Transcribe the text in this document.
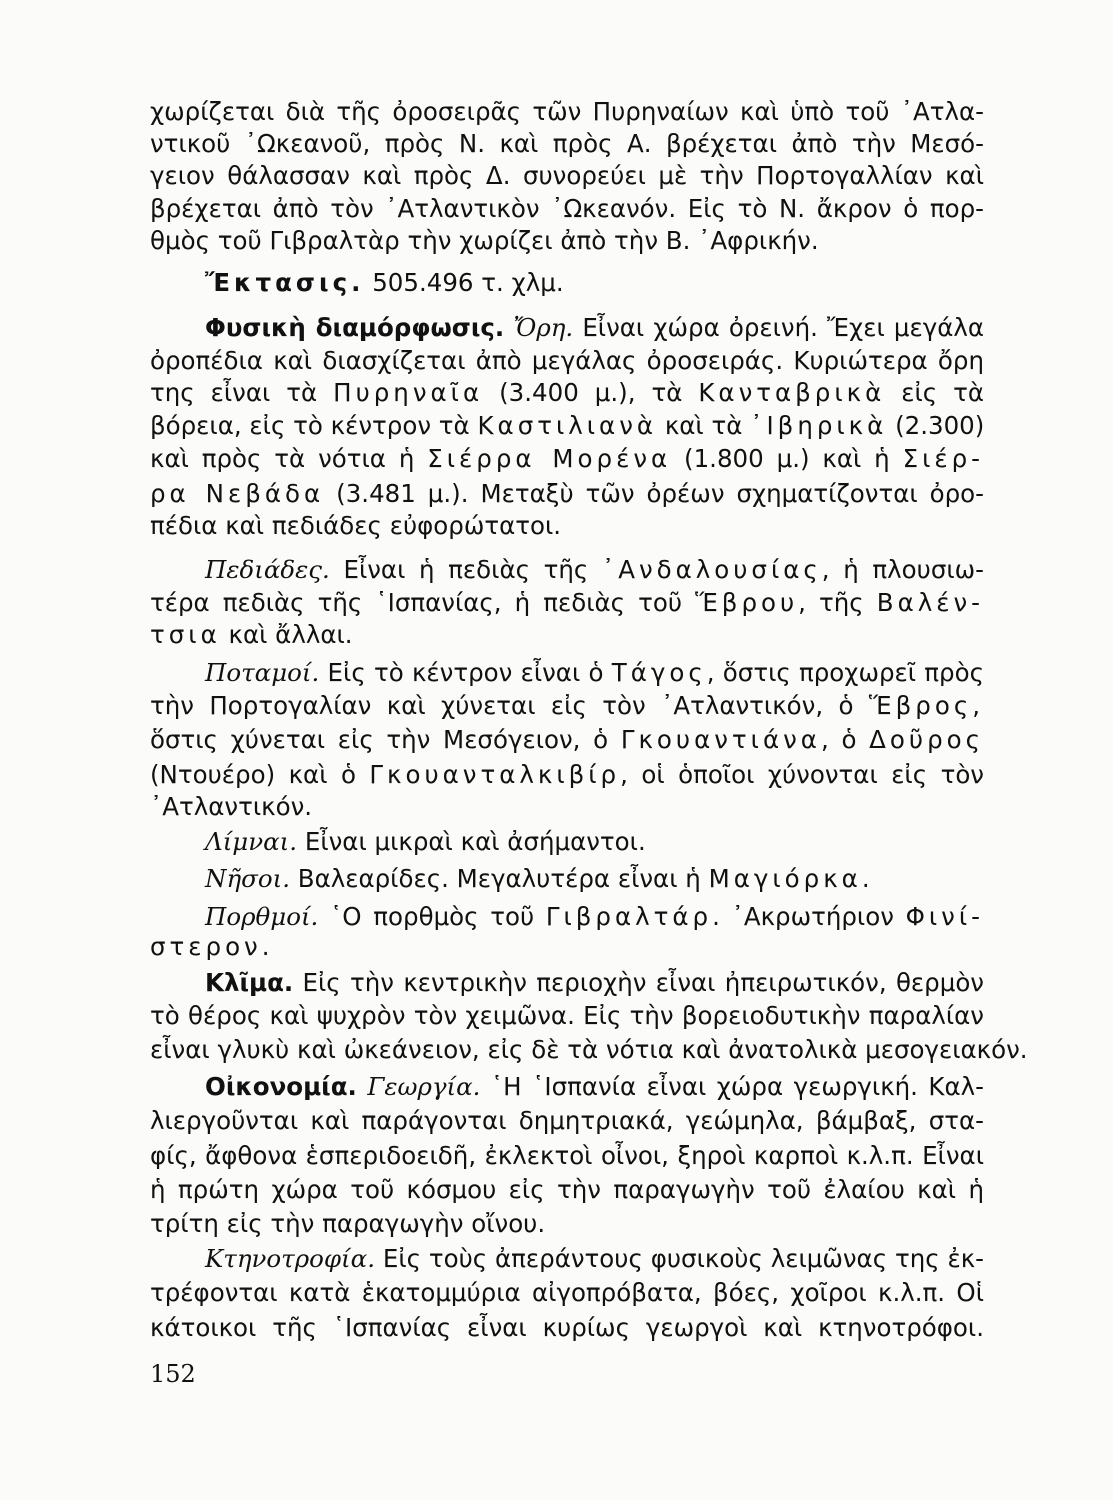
χωρίζεται διὰ τῆς ὀροσειρᾶς τῶν Πυρηναίων καὶ ὑπὸ τοῦ ᾿Ατλα-
ντικοῦ ᾿Ωκεανοῦ, πρὸς Ν. καὶ πρὸς Α. βρέχεται ἀπὸ τὴν Μεσό-
γειον θάλασσαν καὶ πρὸς Δ. συνορεύει μὲ τὴν Πορτογαλλίαν καὶ
βρέχεται ἀπὸ τὸν ᾿Ατλαντικὸν ᾿Ωκεανόν. Εἰς τὸ Ν. ἄκρον ὁ πορ-
θμὸς τοῦ Γιβραλτὰρ τὴν χωρίζει ἀπὸ τὴν Β. ᾿Αφρικήν.
Ἔκτασις. 505.496 τ. χλμ.
Φυσικὴ διαμόρφωσις. Ὄρη. Εἶναι χώρα ὀρεινή. Ἔχει μεγάλα
ὀροπέδια καὶ διασχίζεται ἀπὸ μεγάλας ὀροσειράς. Κυριώτερα ὄρη
της εἶναι τὰ Πυρηναῖα (3.400 μ.), τὰ Κανταβρικὰ εἰς τὰ
βόρεια, εἰς τὸ κέντρον τὰ Καστιλιανὰ καὶ τὰ ᾿Ιβηρικὰ (2.300)
καὶ πρὸς τὰ νότια ἡ Σιέρρα Μορένα (1.800 μ.) καὶ ἡ Σιέρ-
ρα Νεβάδα (3.481 μ.). Μεταξὺ τῶν ὀρέων σχηματίζονται ὀρο-
πέδια καὶ πεδιάδες εὐφορώτατοι.
Πεδιάδες. Εἶναι ἡ πεδιὰς τῆς ᾿Ανδαλουσίας, ἡ πλουσιω-
τέρα πεδιὰς τῆς ῾Ισπανίας, ἡ πεδιὰς τοῦ Ἕβρου, τῆς Βαλέν-
τσια καὶ ἄλλαι.
Ποταμοί. Εἰς τὸ κέντρον εἶναι ὁ Τάγος, ὅστις προχωρεῖ πρὸς
τὴν Πορτογαλίαν καὶ χύνεται εἰς τὸν ᾿Ατλαντικόν, ὁ Ἕβρος,
ὅστις χύνεται εἰς τὴν Μεσόγειον, ὁ Γκουαντιάνα, ὁ Δοῦρος
(Ντουέρο) καὶ ὁ Γκουανταλκιβίρ, οἱ ὁποῖοι χύνονται εἰς τὸν
᾿Ατλαντικόν.
Λίμναι. Εἶναι μικραὶ καὶ ἀσήμαντοι.
Νῆσοι. Βαλεαρίδες. Μεγαλυτέρα εἶναι ἡ Μαγιόρκα.
Πορθμοί. ῾Ο πορθμὸς τοῦ Γιβραλτάρ. ᾿Ακρωτήριον Φινί-
στερον.
Κλῖμα. Εἰς τὴν κεντρικὴν περιοχὴν εἶναι ἠπειρωτικόν, θερμὸν
τὸ θέρος καὶ ψυχρὸν τὸν χειμῶνα. Εἰς τὴν βορειοδυτικὴν παραλίαν
εἶναι γλυκὺ καὶ ὠκεάνειον, εἰς δὲ τὰ νότια καὶ ἀνατολικὰ μεσογειακόν.
Οἰκονομία. Γεωργία. ῾Η ῾Ισπανία εἶναι χώρα γεωργική. Καλ-
λιεργοῦνται καὶ παράγονται δημητριακά, γεώμηλα, βάμβαξ, στα-
φίς, ἄφθονα ἑσπεριδοειδῆ, ἐκλεκτοὶ οἶνοι, ξηροὶ καρποὶ κ.λ.π. Εἶναι
ἡ πρώτη χώρα τοῦ κόσμου εἰς τὴν παραγωγὴν τοῦ ἐλαίου καὶ ἡ
τρίτη εἰς τὴν παραγωγὴν οἴνου.
Κτηνοτροφία. Εἰς τοὺς ἀπεράντους φυσικοὺς λειμῶνας της ἐκ-
τρέφονται κατὰ ἑκατομμύρια αἰγοπρόβατα, βόες, χοῖροι κ.λ.π. Οἱ
κάτοικοι τῆς ῾Ισπανίας εἶναι κυρίως γεωργοὶ καὶ κτηνοτρόφοι.
152
